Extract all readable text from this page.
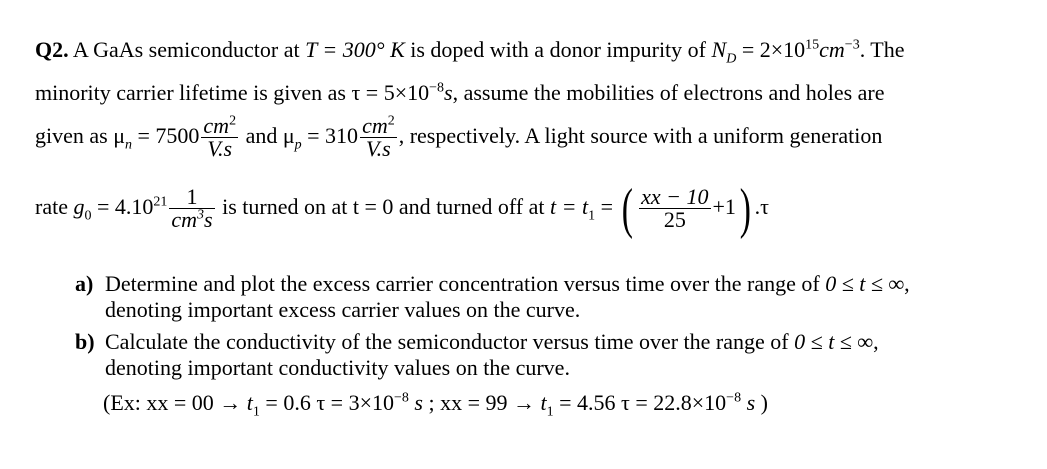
Q2. A GaAs semiconductor at T = 300° K is doped with a donor impurity of $N_D = 2\times 10^{15}cm^{-3}$. The
minority carrier lifetime is given as $\tau = 5\times 10^{-8}s$, assume the mobilities of electrons and holes are
given as $\mu_n = 7500 \frac{cm^2}{V.s}$ and $\mu_p = 310 \frac{cm^2}{V.s}$ , respectively. A light source with a uniform generation
rate $g_0 = 4.10^{21} \frac{1}{cm^3s}$ is turned on at t = 0 and turned off at $t = t_1$ = ( $\frac{xx - 10}{25} +1$) .τ
a) Determine and plot the excess carrier concentration versus time over the range of 0 ≤ t ≤ ∞,
denoting important excess carrier values on the curve.
b) Calculate the conductivity of the semiconductor versus time over the range of 0 ≤ t ≤ ∞,
denoting important conductivity values on the curve.
(Ex: xx = $00 \to t_1 = 0.6$ $\tau = 3\times 10^{-8}$ s ; xx = $99 \to t_1 = 4.56$ $\tau = 22.8\times 10^{-8}$ s )
